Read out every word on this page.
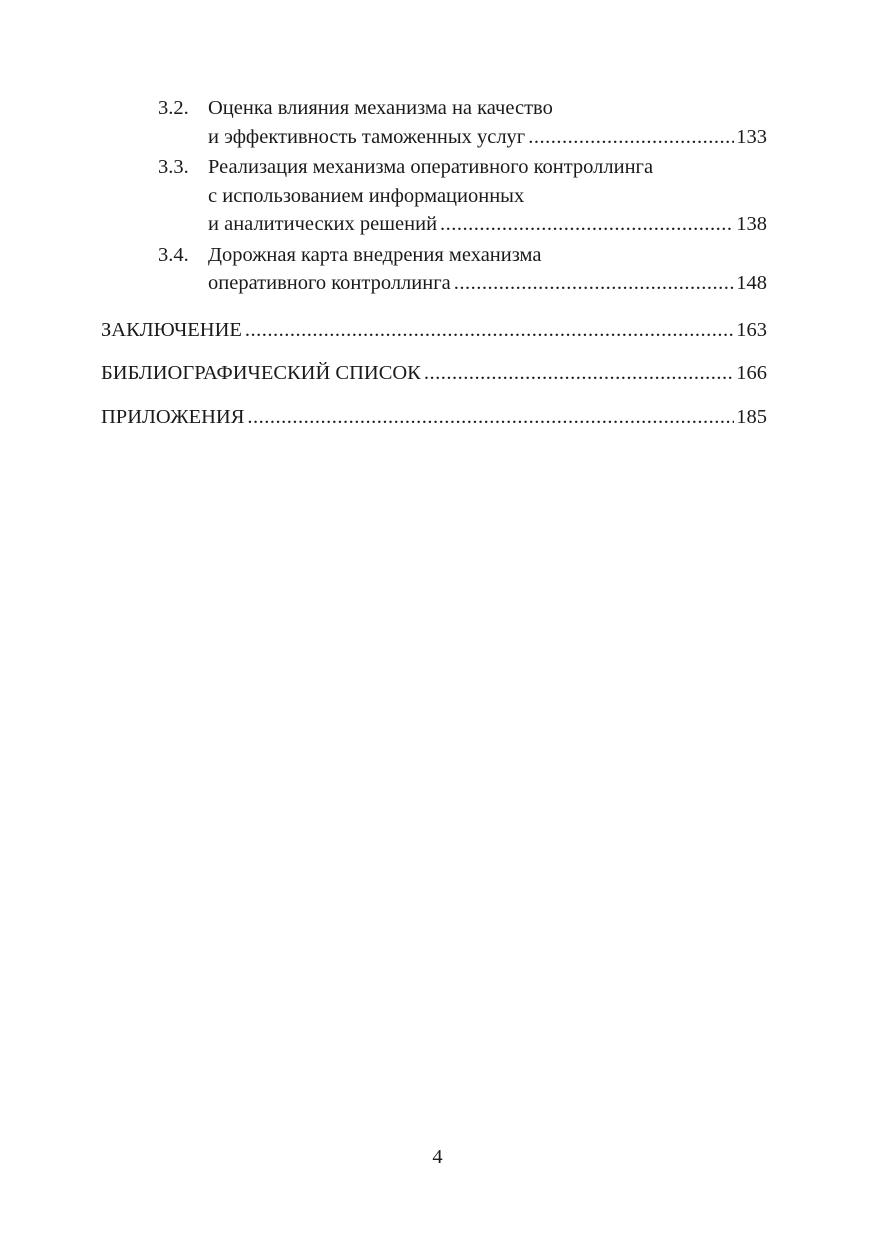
3.2. Оценка влияния механизма на качество
и эффективность таможенных услуг .....	133
3.3. Реализация механизма оперативного контроллинга
с использованием информационных
и аналитических решений .....	138
3.4. Дорожная карта внедрения механизма
оперативного контроллинга .....	148
ЗАКЛЮЧЕНИЕ .....	163
БИБЛИОГРАФИЧЕСКИЙ СПИСОК .....	166
ПРИЛОЖЕНИЯ .....	185
4
